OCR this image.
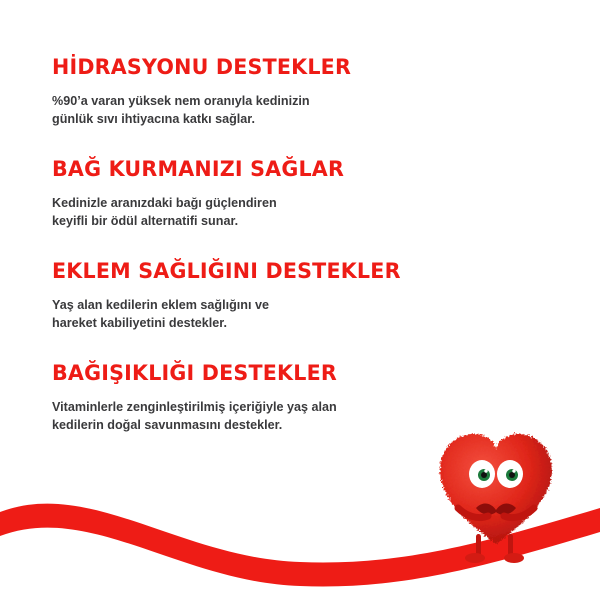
HİDRASYONU DESTEKLER

%90’a varan yüksek nem oranıyla kedinizin
günlük sıvı ihtiyacına katkı sağlar.

BAĞ KURMANIZI SAĞLAR

Kedinizle aranızdaki bağı güçlendiren
keyifli bir ödül alternatifi sunar.

EKLEM SAĞLIĞINI DESTEKLER

Yaş alan kedilerin eklem sağlığını ve
hareket kabiliyetini destekler.

BAĞIŞIKLIĞI DESTEKLER

Vitaminlerle zenginleştirilmiş içeriğiyle yaş alan
kedilerin doğal savunmasını destekler.
